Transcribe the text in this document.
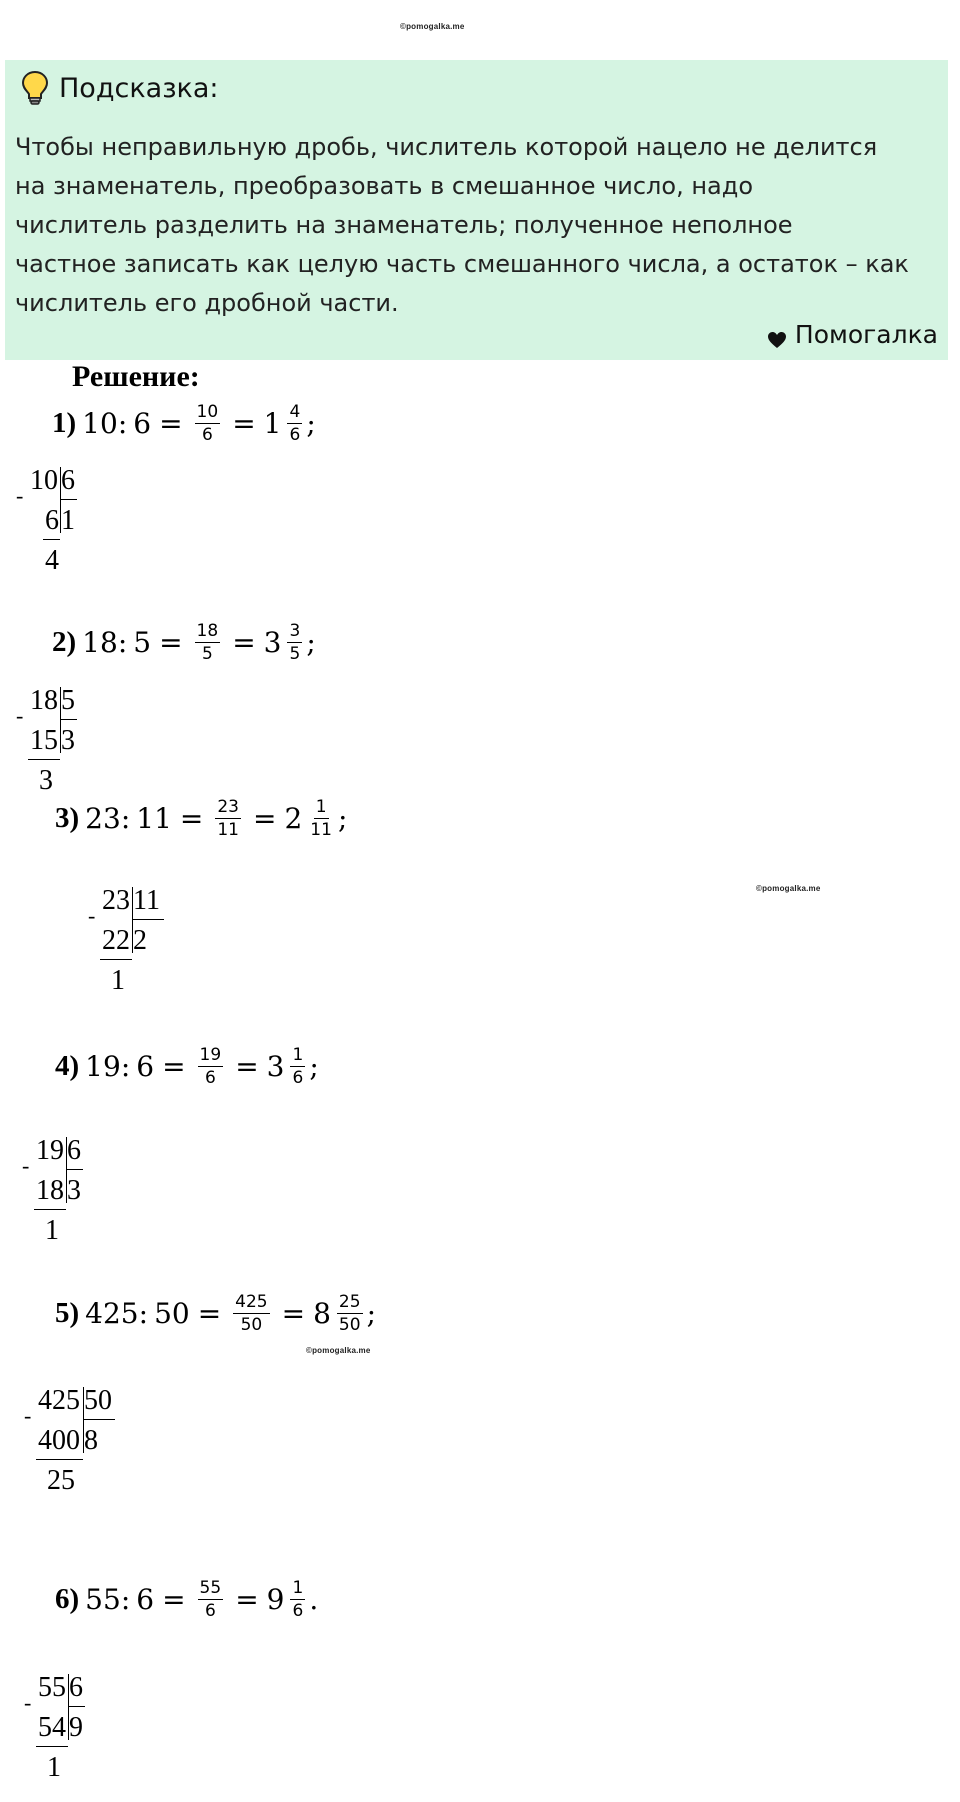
©pomogalka.me
©pomogalka.me
©pomogalka.me
Подсказка:
Чтобы неправильную дробь, числитель которой нацело не делится
на знаменатель, преобразовать в смешанное число, надо
числитель разделить на знаменатель; полученное неполное
частное записать как целую часть смешанного числа, а остаток – как
числитель его дробной части.
Помогалка
Решение:
1) 10 : $6 = \frac{10}{6} = 1 \frac{4}{6}$ ;
10 6
-
6 1
4
2) 18 : $5 = \frac{18}{5} = 3 \frac{3}{5}$ ;
18 5
-
15 3
3
3) 23 : $11 = \frac{23}{11} = 2 \frac{1}{11}$ ;
23 11
-
22 2
1
4) 19 : $6 = \frac{19}{6} = 3 \frac{1}{6}$ ;
19 6
-
18 3
1
5) 425 : $50 = \frac{425}{50} = 8 \frac{25}{50}$ ;
425 50
-
400 8
25
6) 55 : $6 = \frac{55}{6} = 9 \frac{1}{6}$ .
55 6
-
54 9
1
